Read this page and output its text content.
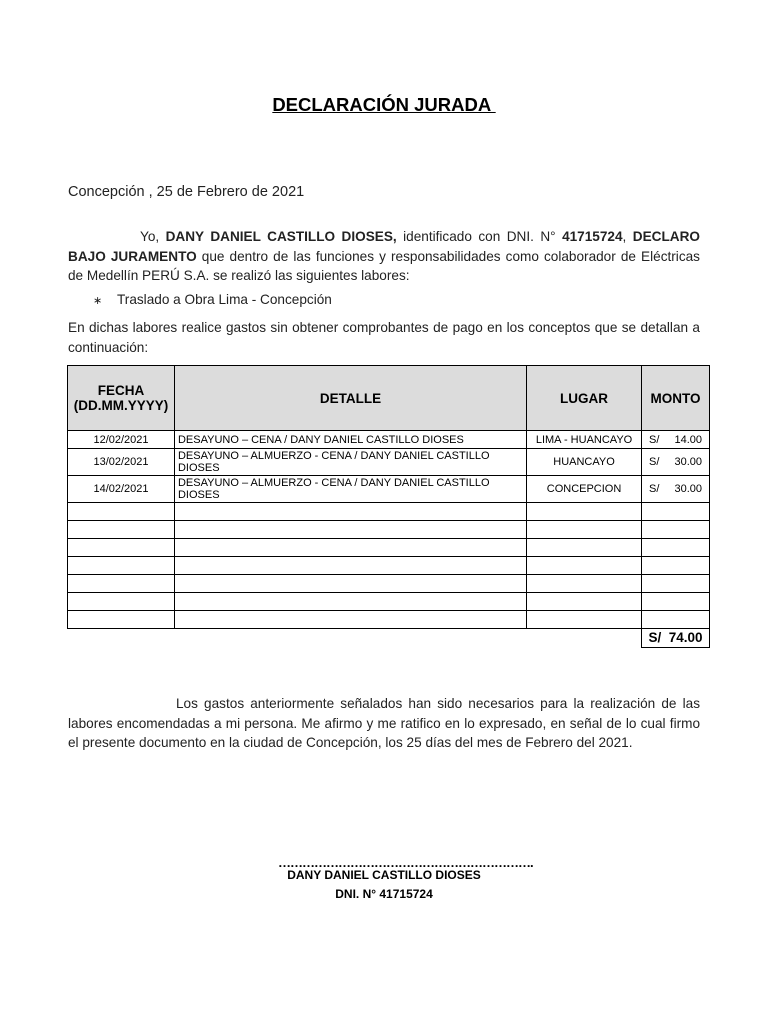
DECLARACIÓN JURADA
Concepción , 25 de Febrero de 2021
Yo, DANY DANIEL CASTILLO DIOSES, identificado con DNI. N° 41715724, DECLARO BAJO JURAMENTO que dentro de las funciones y responsabilidades como colaborador de Eléctricas de Medellín PERÚ S.A. se realizó las siguientes labores:
∗ Traslado a Obra Lima - Concepción
En dichas labores realice gastos sin obtener comprobantes de pago en los conceptos que se detallan a continuación:
FECHA
(DD.MM.YYYY)	DETALLE	LUGAR	MONTO
12/02/2021	DESAYUNO – CENA / DANY DANIEL CASTILLO DIOSES	LIMA - HUANCAYO	S/ 14.00

13/02/2021	DESAYUNO – ALMUERZO - CENA / DANY DANIEL CASTILLO DIOSES	HUANCAYO	S/ 30.00

14/02/2021	DESAYUNO – ALMUERZO - CENA / DANY DANIEL CASTILLO DIOSES	CONCEPCION	S/ 30.00

			S/  74.00
Los gastos anteriormente señalados han sido necesarios para la realización de las labores encomendadas a mi persona. Me afirmo y me ratifico en lo expresado, en señal de lo cual firmo el presente documento en la ciudad de Concepción, los 25 días del mes de Febrero del 2021.
……………………………………………………….
DANY DANIEL CASTILLO DIOSES
DNI. N° 41715724
